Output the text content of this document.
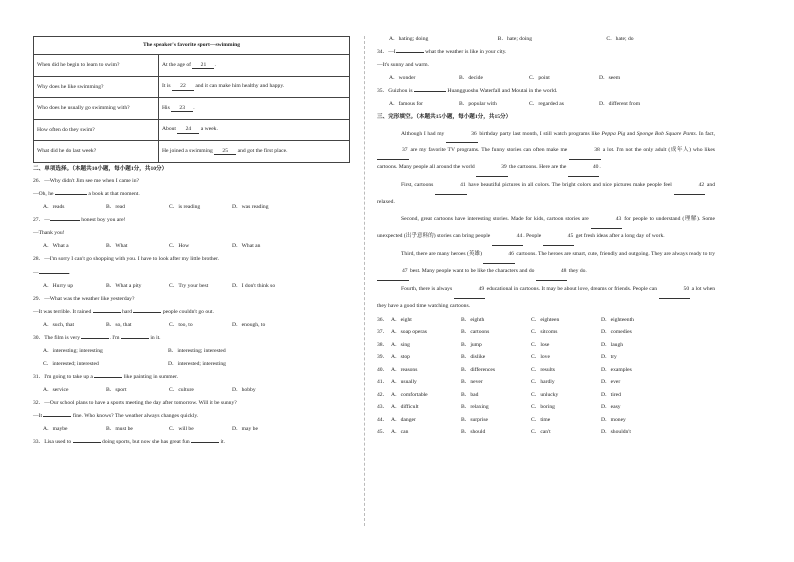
The speaker's favorite sport—swimming	
When did he begin to learn to swim?	At the age of 21 .
Why does he like swimming?	It is 22 and it can make him healthy and happy.
Who does he usually go swimming with?	His 23 .
How often do they swim?	About 24 a week.
What did he do last week?	He joined a swimming 25 and got the first place.
二、单项选择。（本题共10小题，每小题1分，共10分）
26．—Why didn't Jim see me when I came in?
—Oh, he	a book at that moment.
A．reads	B．read	C．is reading	D．was reading
27．—	honest boy you are!
—Thank you!
A．What a	B．What	C．How	D．What an
28．—I'm sorry I can't go shopping with you. I have to look after my little brother.
—	.
A．Hurry up	B．What a pity	C．Try your best	D．I don't think so
29．—What was the weather like yesterday?
—It was terrible. It rained	hard	people couldn't go out.
A．such, that	B．so, that	C．too, to	D．enough, to
30．The film is very	. I'm	in it.
A．interesting; interesting	B．interesting; interested
C．interested; interested	D．interested; interesting
31．I'm going to take up a	like painting in summer.
A．service	B．sport	C．culture	D．hobby
32．—Our school plans to have a sports meeting the day after tomorrow. Will it be sunny?
—It	fine. Who knows? The weather always changes quickly.
A．maybe	B．must be	C．will be	D．may be
33．Lisa used to	doing sports, but now she has great fun	it.
A．hating; doing	B．hate; doing	C．hate; do
34．—I	what the weather is like in your city.
—It's sunny and warm.
A．wonder	B．decide	C．point	D．seem
35．Guizhou is	Huangguoshu Waterfall and Moutai in the world.
A．famous for	B．popular with	C．regarded as	D．different from
三、完形填空。（本题共15小题，每小题1分，共15分）
Although I had my	36 birthday party last month, I still watch programs like Peppa Pig and Sponge Bob Square Pants. In fact, 37 are my favorite TV programs. The funny stories can often make me	38 a lot. I'm not the only adult (成年人) who likes cartoons. Many people all around the world	39 the cartoons. Here are the	40.
First, cartoons	41 have beautiful pictures in all colors. The bright colors and nice pictures make people feel	42 and relaxed.
Second, great cartoons have interesting stories. Made for kids, cartoon stories are	43 for people to understand (理解). Some unexpected (出乎意料的) stories can bring people	44. People	45 get fresh ideas after a long day of work.
Third, there are many heroes (英雄)	46 cartoons. The heroes are smart, cute, friendly and outgoing. They are always ready to try 47 best. Many people want to be like the characters and do	48 they do.
Fourth, there is always	49 educational in cartoons. It may be about love, dreams or friends. People can	50 a lot when they have a good time watching cartoons.
36． A．eight	B．eighth	C．eighteen	D．eighteenth
37． A．soap operas	B．cartoons	C．sitcoms	D．comedies
38． A．sing	B．jump	C．lose	D．laugh
39． A．stop	B．dislike	C．love	D．try
40． A．reasons	B．differences	C．results	D．examples
41． A．usually	B．never	C．hardly	D．ever
42． A．comfortable	B．bad	C．unlucky	D．tired
43． A．difficult	B．relaxing	C．boring	D．easy
44． A．danger	B．surprise	C．time	D．money
45． A．can	B．should	C．can't	D．shouldn't
